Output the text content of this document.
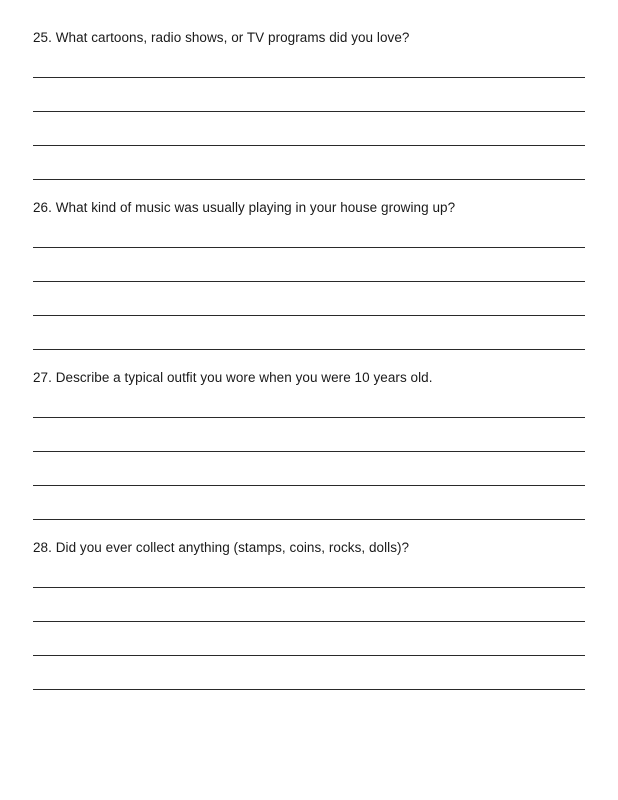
25. What cartoons, radio shows, or TV programs did you love?
26. What kind of music was usually playing in your house growing up?
27. Describe a typical outfit you wore when you were 10 years old.
28. Did you ever collect anything (stamps, coins, rocks, dolls)?
